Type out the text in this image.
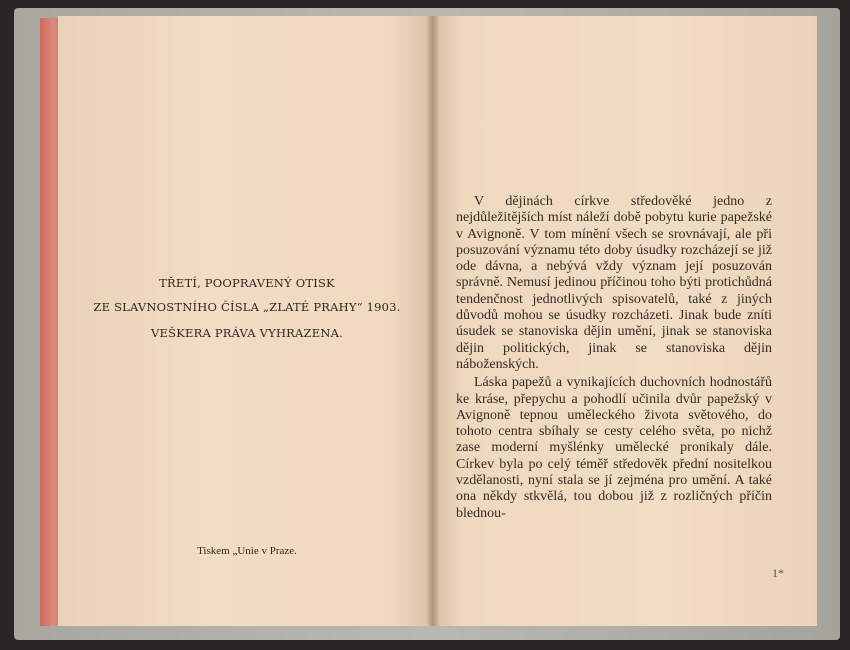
TŘETÍ, POOPRAVENÝ OTISK
ZE SLAVNOSTNÍHO ČÍSLA „ZLATÉ PRAHY“ 1903.
VEŠKERA PRÁVA VYHRAZENA.
Tiskem „Unie v Praze.

V dějinách církve středověké jedno z nejdůležitějších míst náleží době pobytu kurie papežské v Avignoně. V tom mínění všech se srovnávají, ale při posuzování významu této doby úsudky rozcházejí se již ode dávna, a nebývá vždy význam její posuzován správně. Nemusí jedinou příčinou toho býti protichůdná tendenčnost jednotlivých spisovatelů, také z jiných důvodů mohou se úsudky rozcházeti. Jinak bude zníti úsudek se stanoviska dějin umění, jinak se stanoviska dějin politických, jinak se stanoviska dějin náboženských.

Láska papežů a vynikajících duchovních hodnostářů ke kráse, přepychu a pohodlí učinila dvůr papežský v Avignoně tepnou uměleckého života světového, do tohoto centra sbíhaly se cesty celého světa, po nichž zase moderní myšlénky umělecké pronikaly dále. Církev byla po celý téměř středověk přední nositelkou vzdělanosti, nyní stala se jí zejména pro umění. A také ona někdy stkvělá, tou dobou již z rozličných příčin blednou-

1*
